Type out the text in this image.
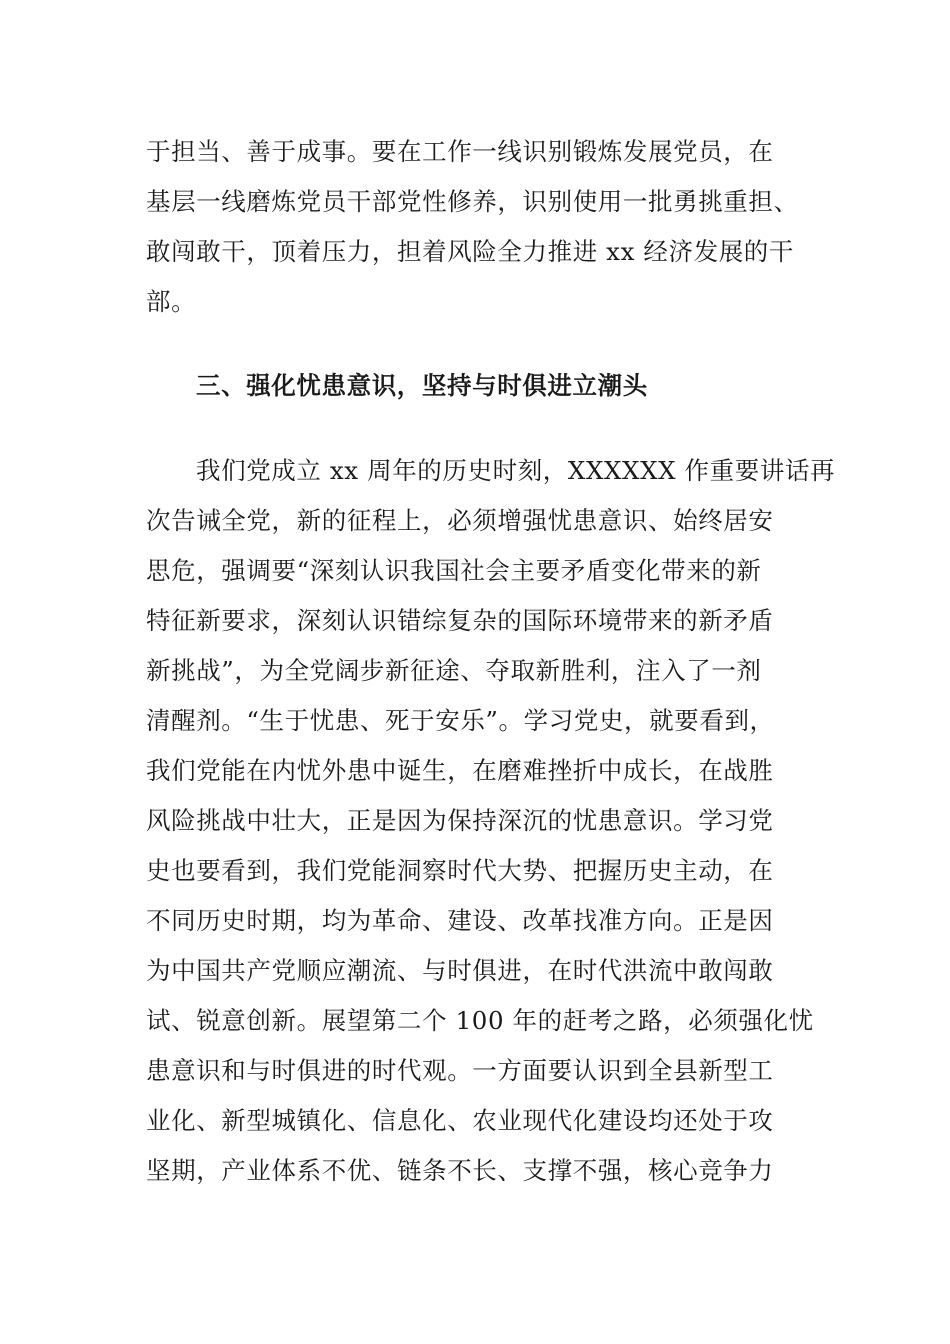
于担当、善于成事。要在工作一线识别锻炼发展党员，在
基层一线磨炼党员干部党性修养，识别使用一批勇挑重担、
敢闯敢干，顶着压力，担着风险全力推进 xx 经济发展的干
部。
三、强化忧患意识，坚持与时俱进立潮头
我们党成立 xx 周年的历史时刻，XXXXXX 作重要讲话再
次告诫全党，新的征程上，必须增强忧患意识、始终居安
思危，强调要“深刻认识我国社会主要矛盾变化带来的新
特征新要求，深刻认识错综复杂的国际环境带来的新矛盾
新挑战”，为全党阔步新征途、夺取新胜利，注入了一剂
清醒剂。“生于忧患、死于安乐”。学习党史，就要看到，
我们党能在内忧外患中诞生，在磨难挫折中成长，在战胜
风险挑战中壮大，正是因为保持深沉的忧患意识。学习党
史也要看到，我们党能洞察时代大势、把握历史主动，在
不同历史时期，均为革命、建设、改革找准方向。正是因
为中国共产党顺应潮流、与时俱进，在时代洪流中敢闯敢
试、锐意创新。展望第二个 100 年的赶考之路，必须强化忧
患意识和与时俱进的时代观。一方面要认识到全县新型工
业化、新型城镇化、信息化、农业现代化建设均还处于攻
坚期，产业体系不优、链条不长、支撑不强，核心竞争力
